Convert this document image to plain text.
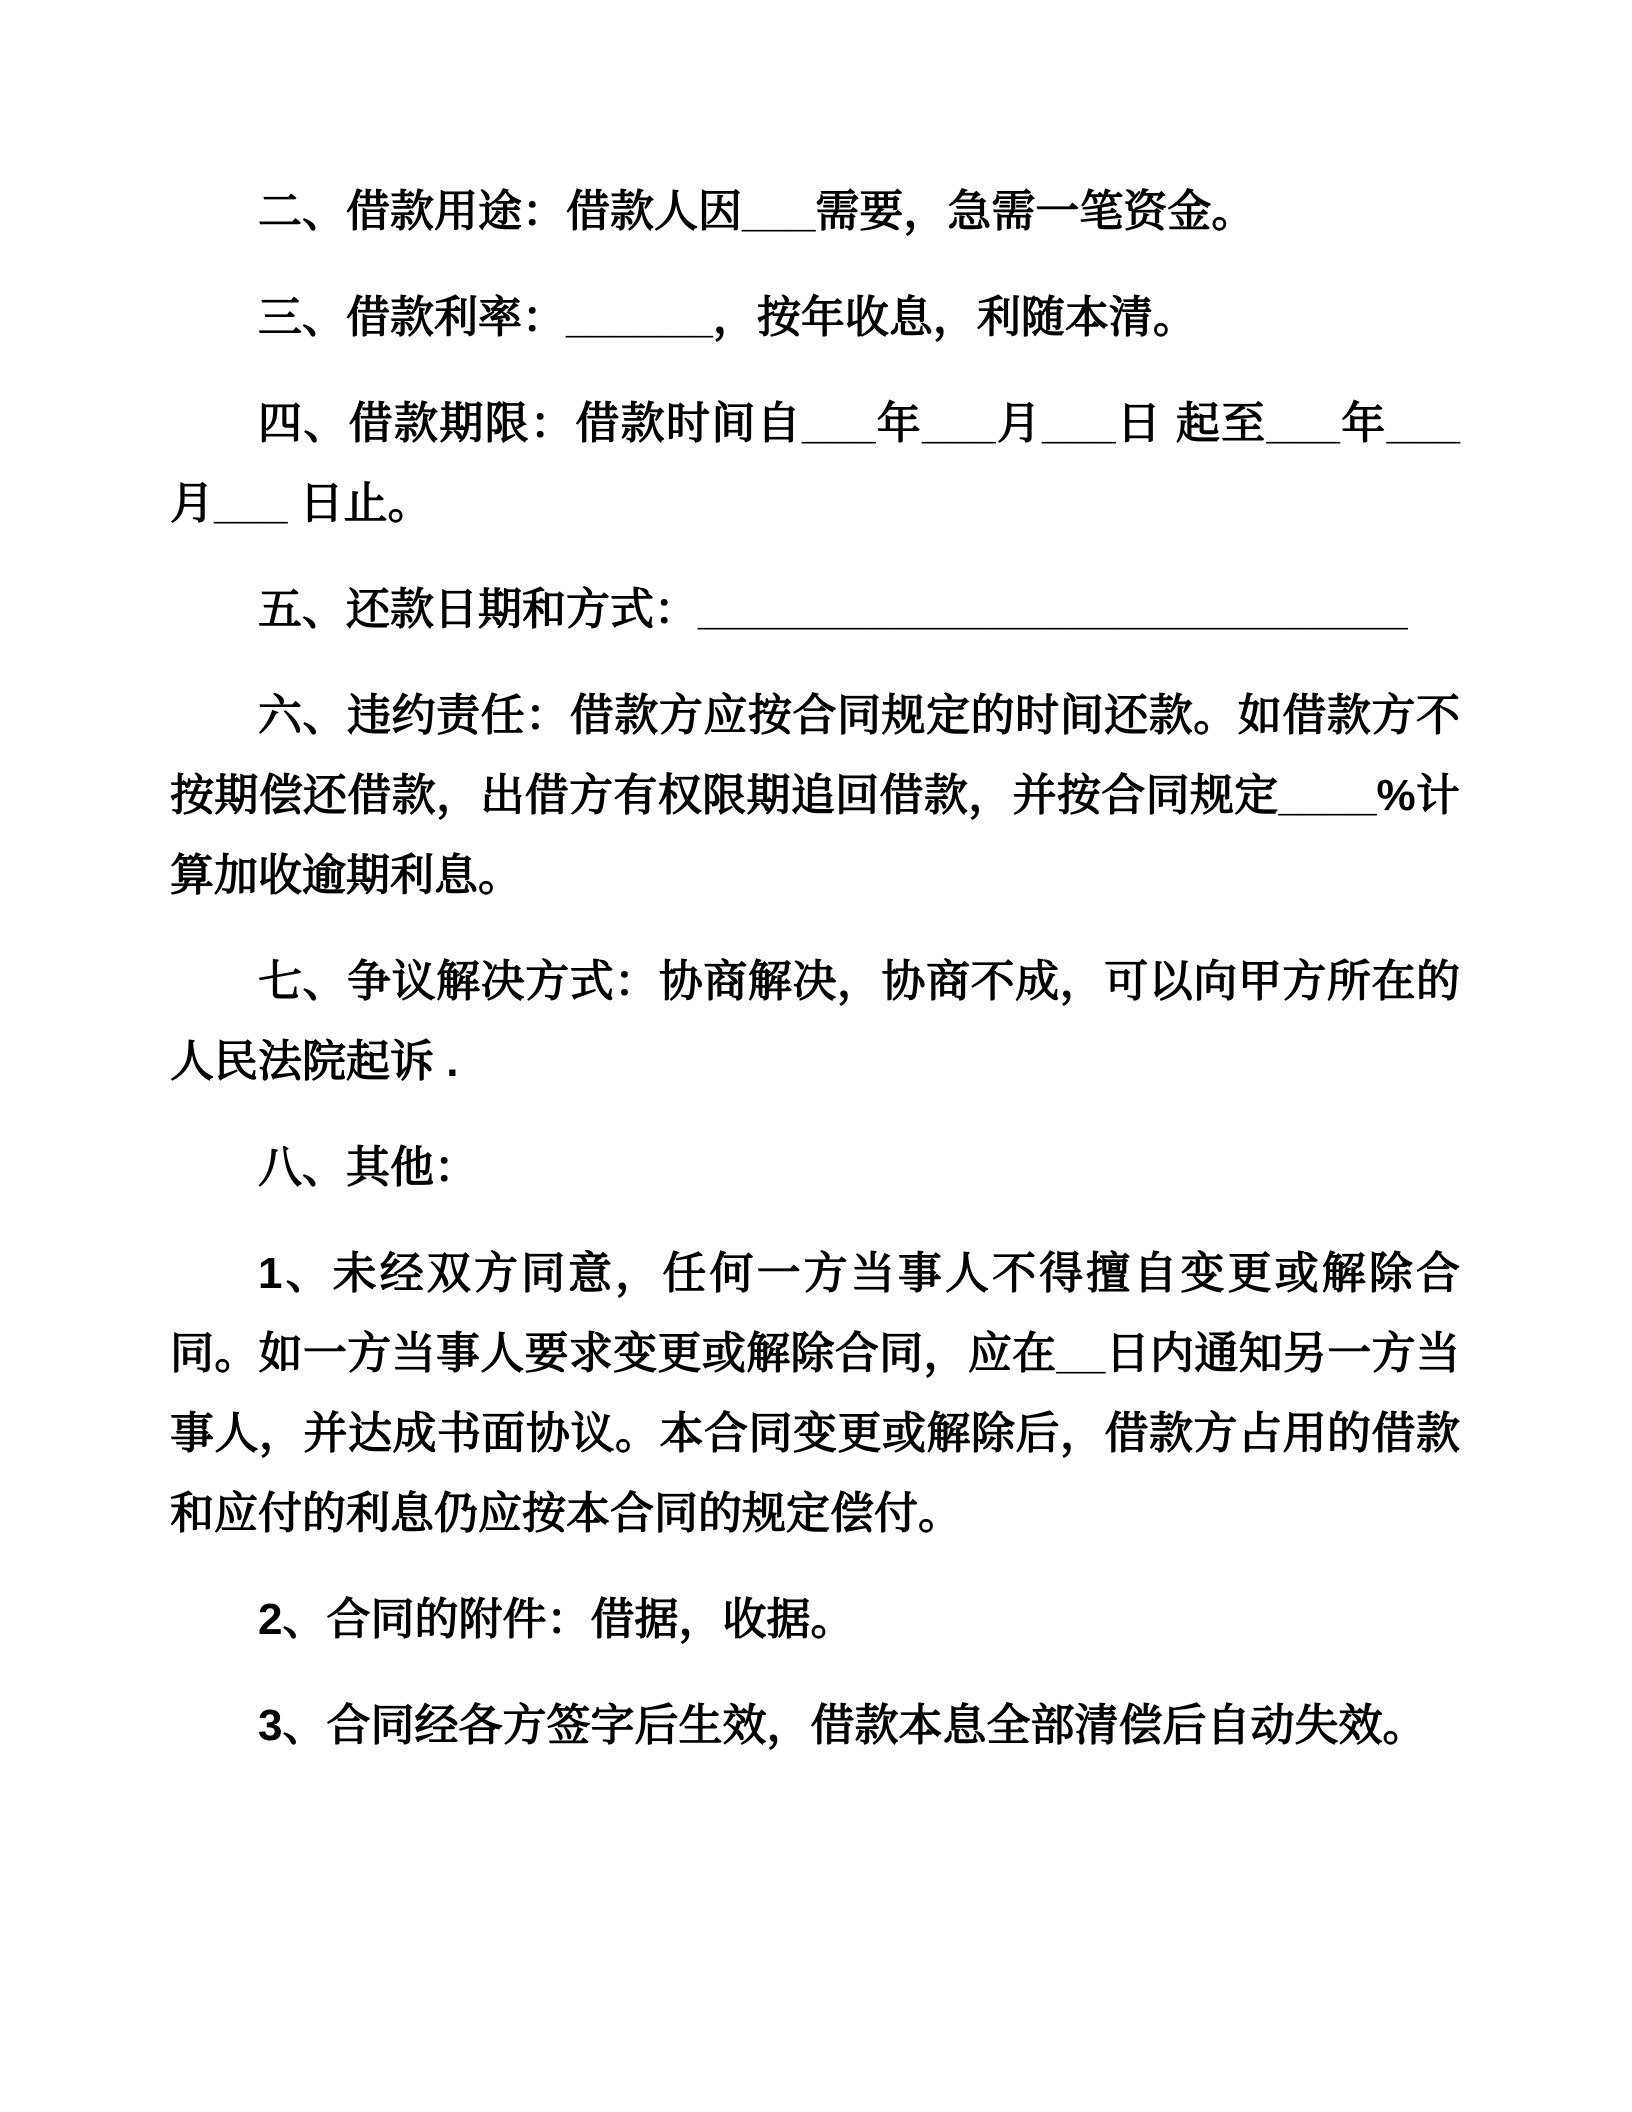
二、借款用途：借款人因___需要，急需一笔资金。

三、借款利率：______，按年收息，利随本清。

四、借款期限：借款时间自___年___月___日 起至___年___月___ 日止。

五、还款日期和方式：_____________________________

六、违约责任：借款方应按合同规定的时间还款。如借款方不按期偿还借款，出借方有权限期追回借款，并按合同规定____%计算加收逾期利息。

七、争议解决方式：协商解决，协商不成，可以向甲方所在的人民法院起诉 .

八、其他：

1、未经双方同意，任何一方当事人不得擅自变更或解除合同。如一方当事人要求变更或解除合同，应在__日内通知另一方当事人，并达成书面协议。本合同变更或解除后，借款方占用的借款和应付的利息仍应按本合同的规定偿付。

2、合同的附件：借据，收据。

3、合同经各方签字后生效，借款本息全部清偿后自动失效。
